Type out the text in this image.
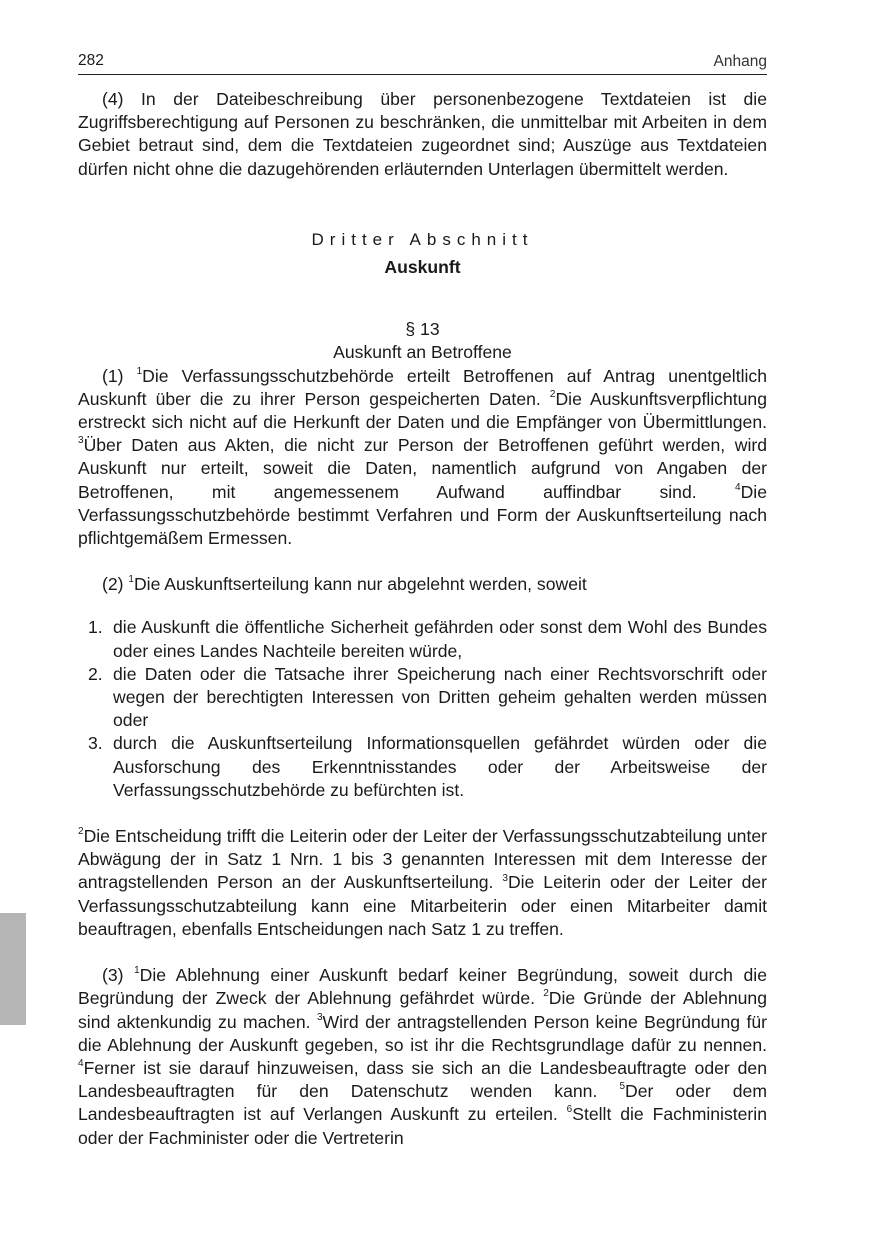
282	Anhang

(4) In der Dateibeschreibung über personenbezogene Textdateien ist die Zugriffsberechtigung auf Personen zu beschränken, die unmittelbar mit Arbeiten in dem Gebiet betraut sind, dem die Textdateien zugeordnet sind; Auszüge aus Textdateien dürfen nicht ohne die dazugehörenden erläuternden Unterlagen übermittelt werden.

Dritter Abschnitt
Auskunft
§ 13
Auskunft an Betroffene

(1) $^1$Die Verfassungsschutzbehörde erteilt Betroffenen auf Antrag unentgeltlich Auskunft über die zu ihrer Person gespeicherten Daten. $^2$Die Auskunftsverpflichtung erstreckt sich nicht auf die Herkunft der Daten und die Empfänger von Übermittlungen. $^3$Über Daten aus Akten, die nicht zur Person der Betroffenen geführt werden, wird Auskunft nur erteilt, soweit die Daten, namentlich aufgrund von Angaben der Betroffenen, mit angemessenem Aufwand auffindbar sind. $^4$Die Verfassungsschutzbehörde bestimmt Verfahren und Form der Auskunftserteilung nach pflichtgemäßem Ermessen.

(2) $^1$Die Auskunftserteilung kann nur abgelehnt werden, soweit

1. die Auskunft die öffentliche Sicherheit gefährden oder sonst dem Wohl des Bundes oder eines Landes Nachteile bereiten würde,
2. die Daten oder die Tatsache ihrer Speicherung nach einer Rechtsvorschrift oder wegen der berechtigten Interessen von Dritten geheim gehalten werden müssen oder
3. durch die Auskunftserteilung Informationsquellen gefährdet würden oder die Ausforschung des Erkenntnisstandes oder der Arbeitsweise der Verfassungsschutzbehörde zu befürchten ist.

$^2$Die Entscheidung trifft die Leiterin oder der Leiter der Verfassungsschutzabteilung unter Abwägung der in Satz 1 Nrn. 1 bis 3 genannten Interessen mit dem Interesse der antragstellenden Person an der Auskunftserteilung. $^3$Die Leiterin oder der Leiter der Verfassungsschutzabteilung kann eine Mitarbeiterin oder einen Mitarbeiter damit beauftragen, ebenfalls Entscheidungen nach Satz 1 zu treffen.

(3) $^1$Die Ablehnung einer Auskunft bedarf keiner Begründung, soweit durch die Begründung der Zweck der Ablehnung gefährdet würde. $^2$Die Gründe der Ablehnung sind aktenkundig zu machen. $^3$Wird der antragstellenden Person keine Begründung für die Ablehnung der Auskunft gegeben, so ist ihr die Rechtsgrundlage dafür zu nennen. $^4$Ferner ist sie darauf hinzuweisen, dass sie sich an die Landesbeauftragte oder den Landesbeauftragten für den Datenschutz wenden kann. $^5$Der oder dem Landesbeauftragten ist auf Verlangen Auskunft zu erteilen. $^6$Stellt die Fachministerin oder der Fachminister oder die Vertreterin
